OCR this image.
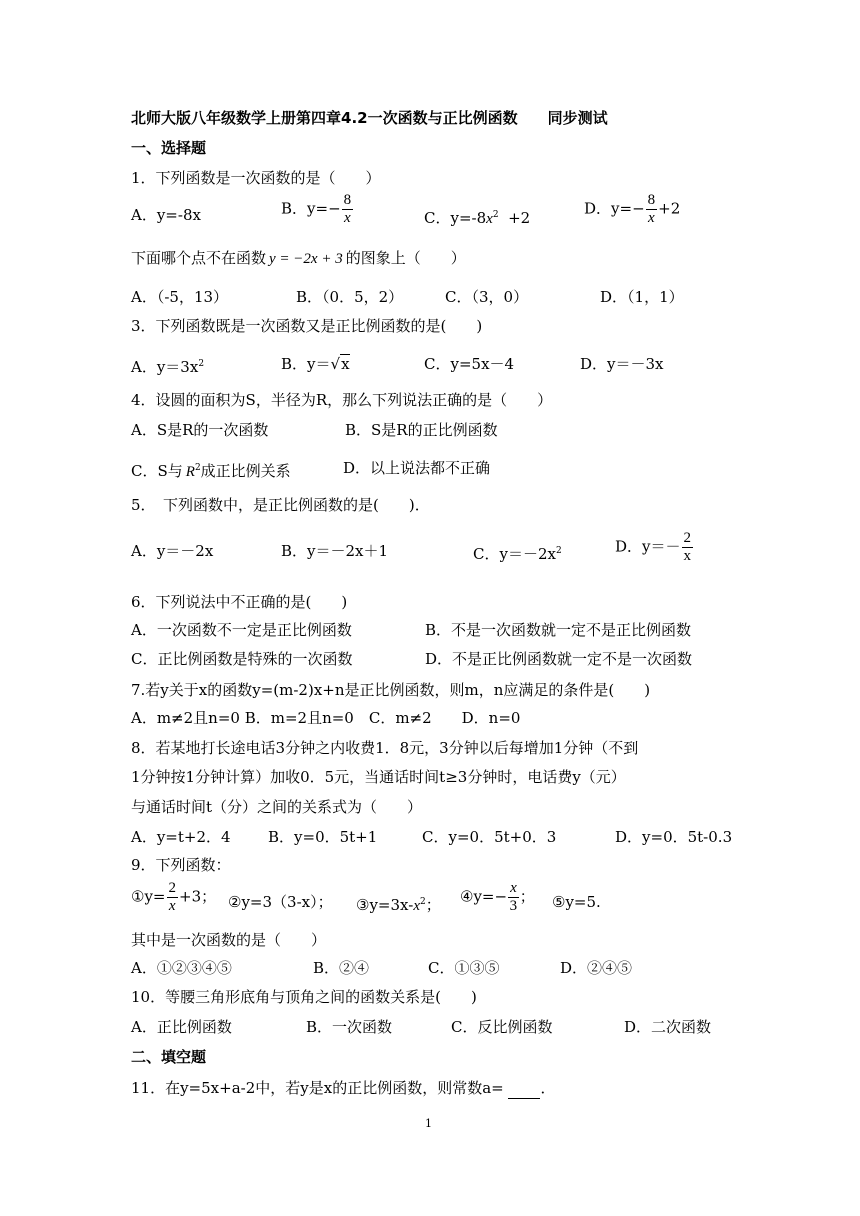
北师大版八年级数学上册第四章4.2一次函数与正比例函数　　同步测试
一、选择题
1．下列函数是一次函数的是（　　）
A．y=-8x	B．$y=- \frac{8}{x}$	C．$y=-8x^2 +2$
D．$y=- \frac{8}{x} +2$
下面哪个点不在函数 y = −2x + 3 的图象上（　　）
A．（-5，13）	B．（0．5，2）	C．（3，0）	D．（1，1）
3．下列函数既是一次函数又是正比例函数的是(　　)
A．$y=3x^2$	B．y＝√x	C．y=5x－4	D．y＝－3x
4．设圆的面积为S，半径为R，那么下列说法正确的是（　　）
A．S是R的一次函数	B．S是R的正比例函数
C．S与 $R^2$成正比例关系	D．以上说法都不正确
5．　下列函数中，是正比例函数的是(　　)．
A．y＝－2x	B．y＝－2x＋1	C．$y=-2x^2$	D．$y=- \frac{2}{x}$
6．下列说法中不正确的是(　　)
A．一次函数不一定是正比例函数	B．不是一次函数就一定不是正比例函数
C．正比例函数是特殊的一次函数	D．不是正比例函数就一定不是一次函数
7.若y关于x的函数y=(m-2)x+n是正比例函数，则m，n应满足的条件是(　　)
A．m≠2且n=0 B．m=2且n=0　C．m≠2　　D．n=0
8．若某地打长途电话3分钟之内收费1．8元，3分钟以后每增加1分钟（不到
1分钟按1分钟计算）加收0．5元，当通话时间t≥3分钟时，电话费y（元）
与通话时间t（分）之间的关系式为（　　）
A．y=t+2．4 B．y=0．5t+1	C．y=0．5t+0．3	D．y=0．5t-0.3
9．下列函数：
①y= $\frac{2}{x} +3$； ②y=3（3-x）； $③y=3x-x^2$； ④y=− $\frac{x}{3}$ ； ⑤y=5.
其中是一次函数的是（　　）
A．①②③④⑤	B．②④	C．①③⑤	D．②④⑤
10．等腰三角形底角与顶角之间的函数关系是(　　)
A．正比例函数	B．一次函数	C．反比例函数	D．二次函数
二、填空题
11．在y=5x+a-2中，若y是x的正比例函数，则常数a= ．
1
